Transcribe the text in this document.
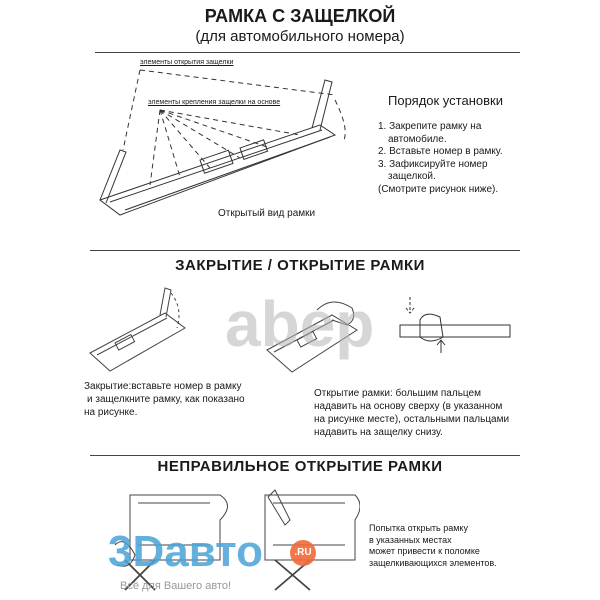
РАМКА С ЗАЩЕЛКОЙ
(для автомобильного номера)
элементы открытия защелки
элементы крепления защелки на основе
Открытый вид рамки
Порядок установки
1. Закрепите рамку на
автомобиле.
2. Вставьте номер в рамку.
3. Зафиксируйте номер
защелкой.
(Смотрите рисунок ниже).
ЗАКРЫТИЕ / ОТКРЫТИЕ РАМКИ
abep
Закрытие:вставьте номер в рамку
и защелкните рамку, как показано
на рисунке.
Открытие рамки: большим пальцем
надавить на основу сверху (в указанном
на рисунке месте), остальными пальцами
надавить на защелку снизу.
НЕПРАВИЛЬНОЕ ОТКРЫТИЕ РАМКИ
Попытка открыть рамку
в указанных местах
может привести к поломке
защелкивающихся элементов.
3Dавто	.RU
Всё для Вашего авто!
